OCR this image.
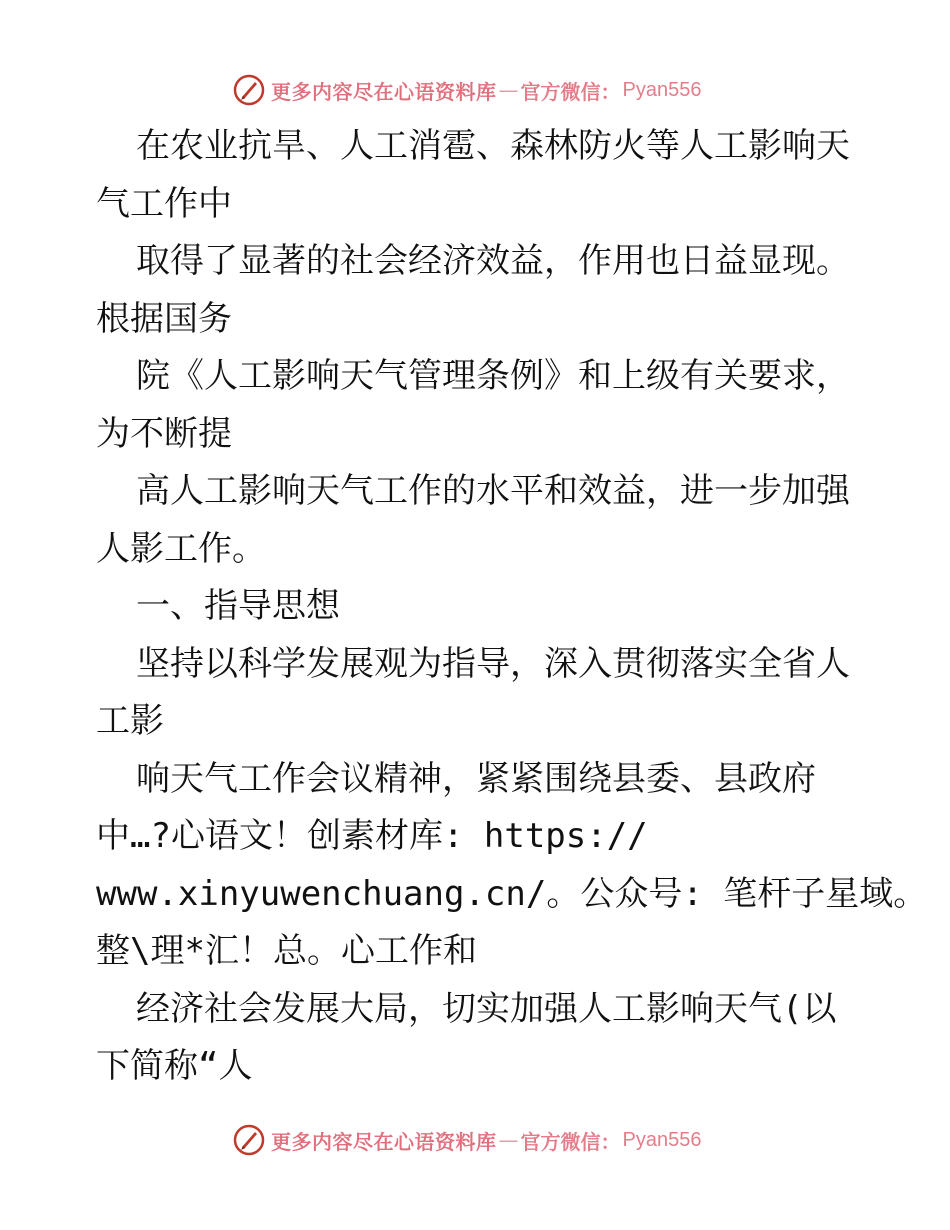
更多内容尽在心语资料库 — 官方微信： Pyan556
在农业抗旱、人工消雹、森林防火等人工影响天
气工作中
取得了显著的社会经济效益，作用也日益显现。
根据国务
院《人工影响天气管理条例》和上级有关要求，
为不断提
高人工影响天气工作的水平和效益，进一步加强
人影工作。
一、指导思想
坚持以科学发展观为指导，深入贯彻落实全省人
工影
响天气工作会议精神，紧紧围绕县委、县政府
中…?心语文！创素材库: https://
www.xinyuwenchuang.cn/。公众号: 笔杆子星域。
整\理*汇！总。心工作和
经济社会发展大局，切实加强人工影响天气(以
下简称“人
更多内容尽在心语资料库 — 官方微信： Pyan556
